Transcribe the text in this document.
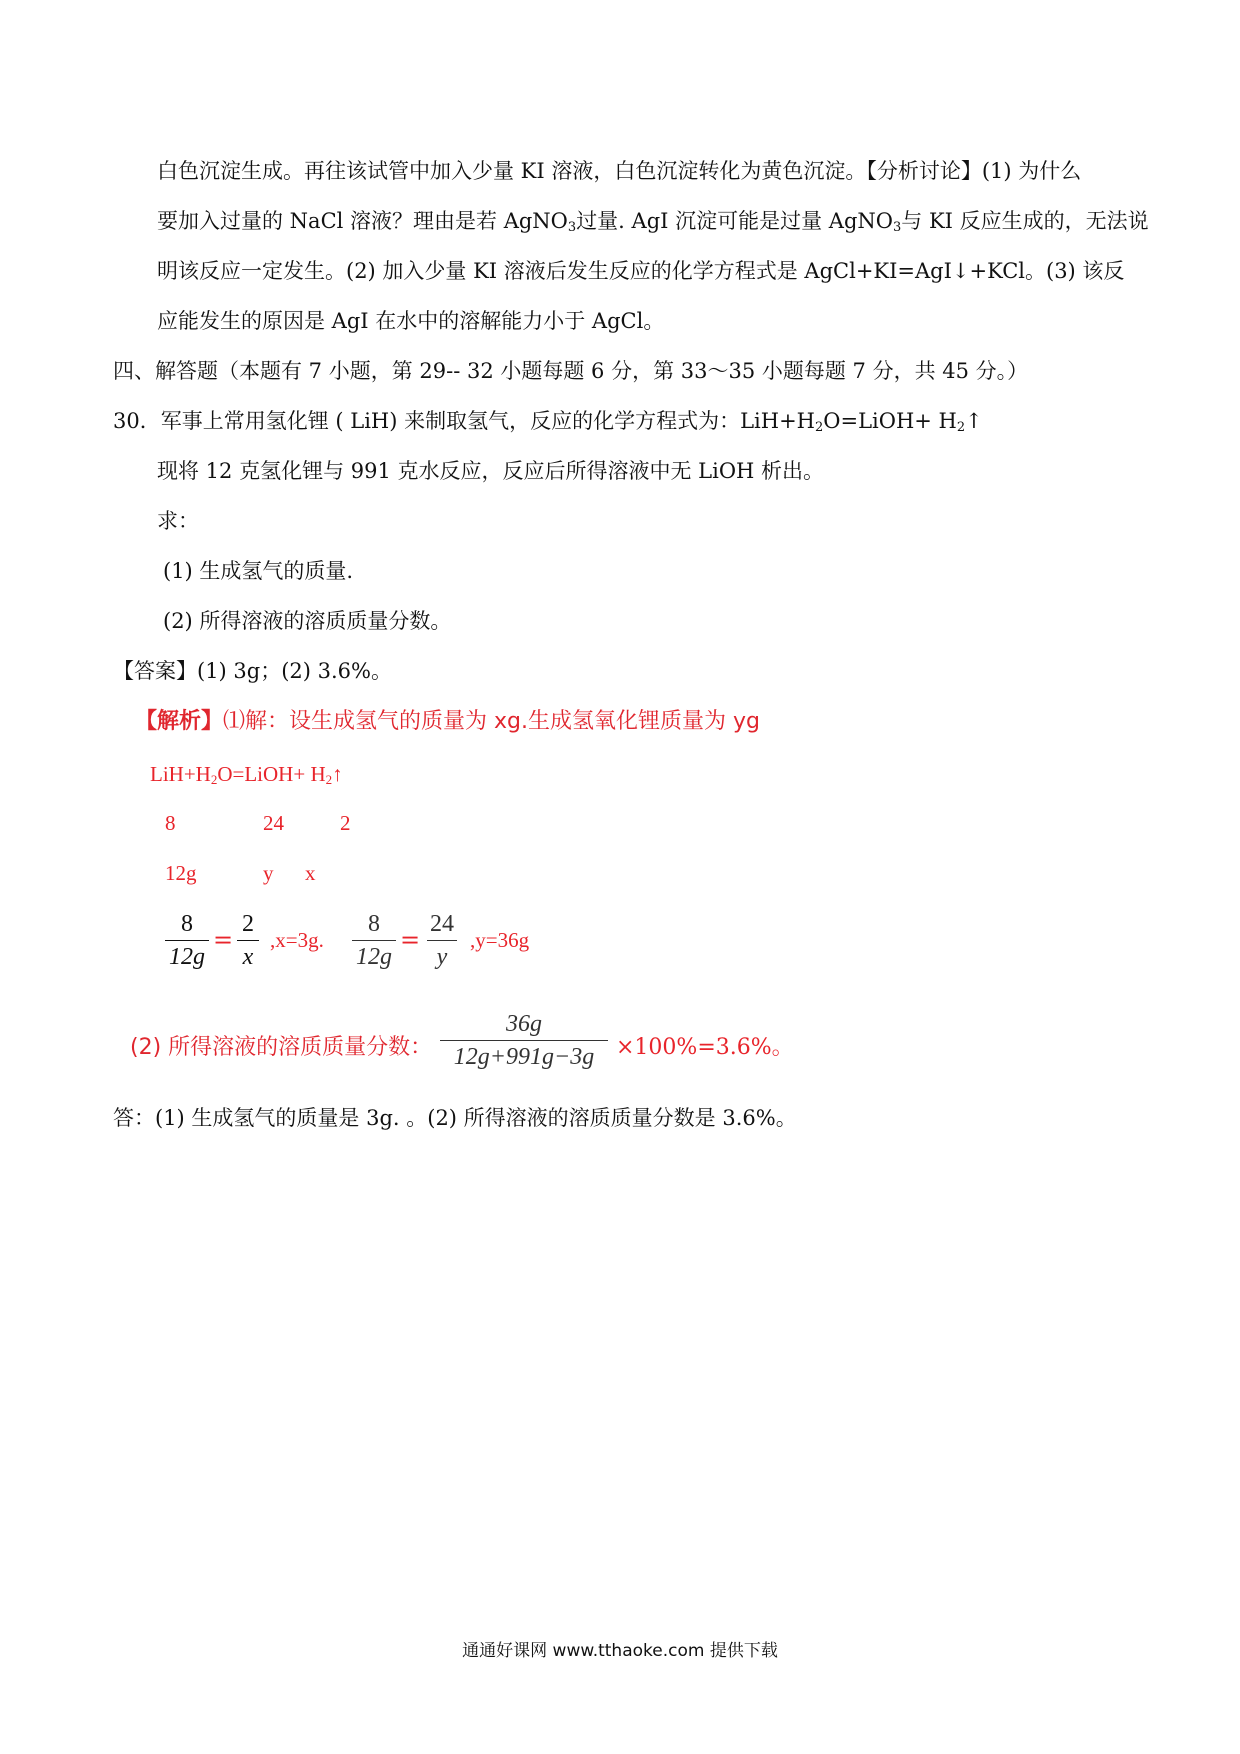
白色沉淀生成。再往该试管中加入少量 KI 溶液，白色沉淀转化为黄色沉淀。【分析讨论】(1) 为什么
要加入过量的 NaCl 溶液？理由是若 AgNO$_3$过量. AgI 沉淀可能是过量 AgNO$_3$与 KI 反应生成的，无法说
明该反应一定发生。(2) 加入少量 KI 溶液后发生反应的化学方程式是 AgCl+KI=AgI↓+KCl。(3) 该反
应能发生的原因是 AgI 在水中的溶解能力小于 AgCl。
四、解答题（本题有 7 小题，第 29-- 32 小题每题 6 分，第 33～35 小题每题 7 分，共 45 分。）
30．军事上常用氢化锂 ( LiH) 来制取氢气，反应的化学方程式为：$LiH+H_2O=LiOH+$ $H_2↑$
现将 12 克氢化锂与 991 克水反应，反应后所得溶液中无 LiOH 析出。
求：
(1) 生成氢气的质量.
(2) 所得溶液的溶质质量分数。
【答案】(1) 3g；(2) 3.6%。
【解析】⑴解：设生成氢气的质量为 xg.生成氢氧化锂质量为 yg
$LiH+H_2O=LiOH+$ $H_2↑$
8	24	2
12g	y x
8
12g
=
2
x
,x=3g.
8
12g
=
24
y
,y=36g
(2) 所得溶液的溶质质量分数：
36g
12g+991g−3g ×100%=3.6%。
答：(1) 生成氢气的质量是 3g. 。(2) 所得溶液的溶质质量分数是 3.6%。
通通好课网 www.tthaoke.com 提供下载
